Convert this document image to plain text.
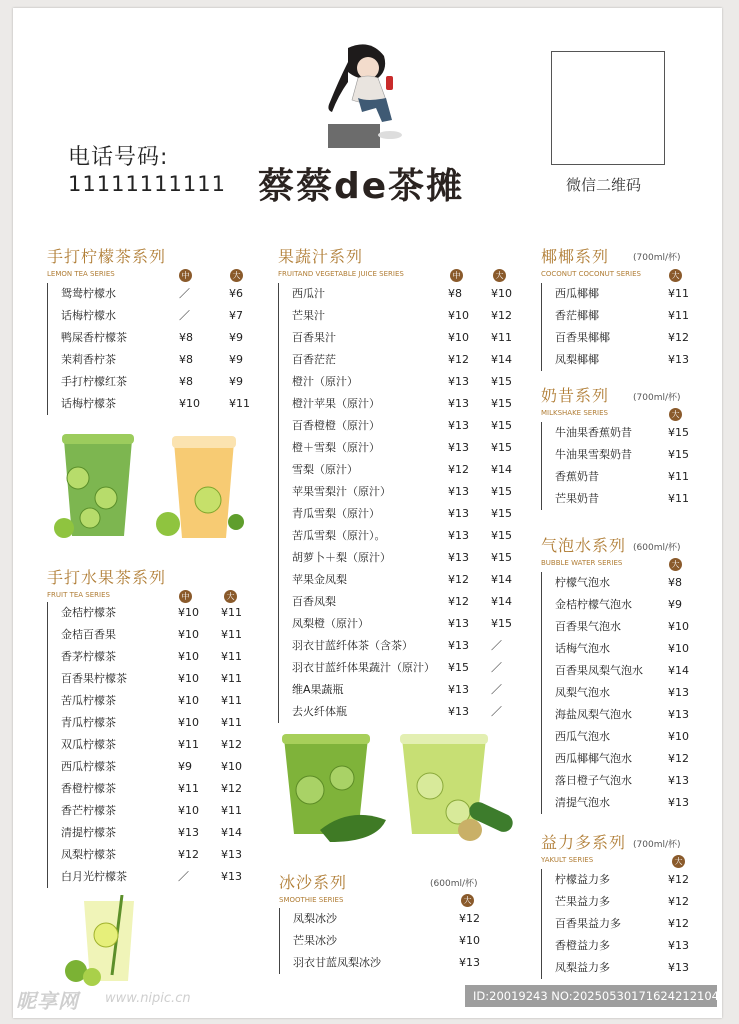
电话号码:
11111111111 蔡蔡de茶摊	微信二维码
手打柠檬茶系列
LEMON TEA SERIES	中	大
鸳鸯柠檬水	／	¥6
话梅柠檬水	／	¥7
鸭屎香柠檬茶	¥8	¥9
茉莉香柠茶	¥8	¥9
手打柠檬红茶	¥8	¥9
话梅柠檬茶	¥10	¥11
手打水果茶系列
FRUIT TEA SERIES	中	大
金桔柠檬茶	¥10 ¥11
金桔百香果	¥10 ¥11
香茅柠檬茶	¥10 ¥11
百香果柠檬茶	¥10 ¥11
苦瓜柠檬茶	¥10 ¥11
青瓜柠檬茶	¥10 ¥11
双瓜柠檬茶	¥11 ¥12
西瓜柠檬茶	¥9	¥10
香橙柠檬茶	¥11 ¥12
香芒柠檬茶	¥10 ¥11
清提柠檬茶	¥13 ¥14
凤梨柠檬茶	¥12 ¥13
白月光柠檬茶	／	¥13
果蔬汁系列
FRUITAND VEGETABLE JUICE SERIES	中	大
西瓜汁	¥8	¥10
芒果汁	¥10 ¥12
百香果汁	¥10 ¥11
百香茫茫	¥12 ¥14
橙汁（原汁）	¥13 ¥15
橙汁苹果（原汁）	¥13 ¥15
百香橙橙（原汁）	¥13 ¥15
橙＋雪梨（原汁）	¥13 ¥15
雪梨（原汁）	¥12 ¥14
苹果雪梨汁（原汁）	¥13 ¥15
青瓜雪梨（原汁）	¥13 ¥15
苦瓜雪梨（原汁）。	¥13 ¥15
胡萝卜＋梨（原汁）	¥13 ¥15
苹果金凤梨	¥12 ¥14
百香凤梨	¥12 ¥14
凤梨橙（原汁）	¥13 ¥15
羽衣甘蓝纤体茶（含茶）	¥13 ／
羽衣甘蓝纤体果蔬汁（原汁） ¥15 ／
维A果蔬瓶	¥13 ／
去火纤体瓶	¥13 ／
冰沙系列
SMOOTHIE SERIES
(600ml/杯)
大
凤梨冰沙	¥12
芒果冰沙	¥10
羽衣甘蓝凤梨冰沙	¥13
椰椰系列
COCONUT COCONUT SERIES
(700ml/杯)
大
西瓜椰椰	¥11
香茫椰椰	¥11
百香果椰椰	¥12
凤梨椰椰	¥13
奶昔系列
MILKSHAKE SERIES
(700ml/杯)
大
牛油果香蕉奶昔	¥15
牛油果雪梨奶昔	¥15
香蕉奶昔	¥11
芒果奶昔	¥11
气泡水系列
BUBBLE WATER SERIES
(600ml/杯)
大
柠檬气泡水	¥8
金桔柠檬气泡水	¥9
百香果气泡水	¥10
话梅气泡水	¥10
百香果凤梨气泡水 ¥14
凤梨气泡水	¥13
海盐凤梨气泡水	¥13
西瓜气泡水	¥10
西瓜椰椰气泡水	¥12
落日橙子气泡水	¥13
清提气泡水	¥13
益力多系列
YAKULT SERIES
(700ml/杯)
大
柠檬益力多	¥12
芒果益力多	¥12
百香果益力多	¥12
香橙益力多	¥13
凤梨益力多	¥13
昵享网 www.nipic.cn	ID:20019243 NO:20250530171624212104
